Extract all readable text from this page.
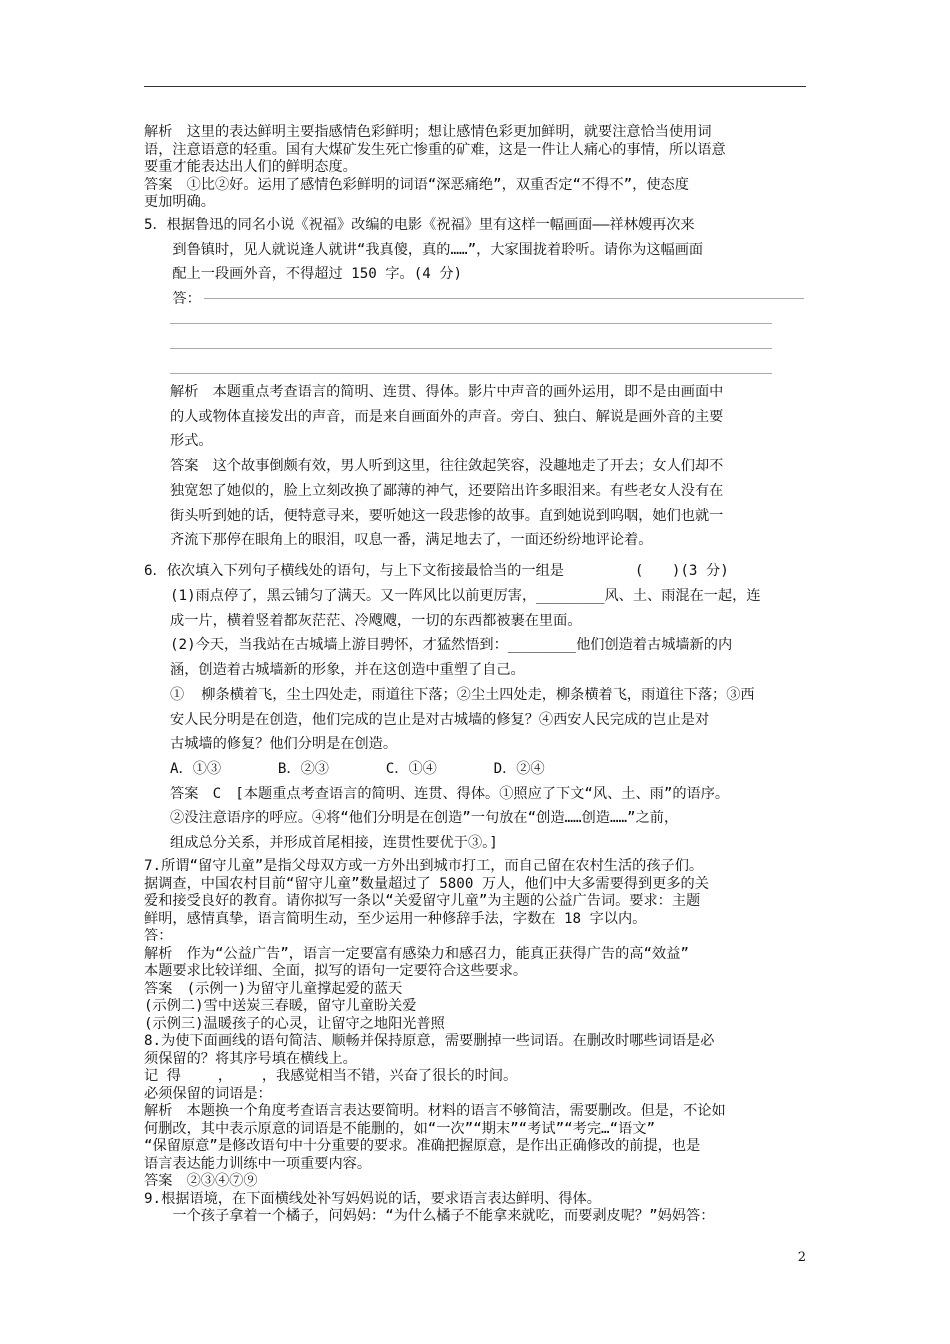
解析　这里的表达鲜明主要指感情色彩鲜明；想让感情色彩更加鲜明，就要注意恰当使用词
语，注意语意的轻重。国有大煤矿发生死亡惨重的矿难，这是一件让人痛心的事情，所以语意
要重才能表达出人们的鲜明态度。
答案　①比②好。运用了感情色彩鲜明的词语“深恶痛绝”，双重否定“不得不”，使态度
更加明确。
5．根据鲁迅的同名小说《祝福》改编的电影《祝福》里有这样一幅画面——祥林嫂再次来
　　到鲁镇时，见人就说逢人就讲“我真傻，真的……”，大家围拢着聆听。请你为这幅画面
　　配上一段画外音，不得超过 150 字。(4 分)
　　答：
解析　本题重点考查语言的简明、连贯、得体。影片中声音的画外运用，即不是由画面中
的人或物体直接发出的声音，而是来自画面外的声音。旁白、独白、解说是画外音的主要
形式。
答案　这个故事倒颇有效，男人听到这里，往往敛起笑容，没趣地走了开去；女人们却不
独宽恕了她似的，脸上立刻改换了鄙薄的神气，还要陪出许多眼泪来。有些老女人没有在
街头听到她的话，便特意寻来，要听她这一段悲惨的故事。直到她说到呜咽，她们也就一
齐流下那停在眼角上的眼泪，叹息一番，满足地去了，一面还纷纷地评论着。
6．依次填入下列句子横线处的语句，与上下文衔接最恰当的一组是　　　　　(　　)(3 分)
(1)雨点停了，黑云铺匀了满天。又一阵风比以前更厉害，________风、土、雨混在一起，连
成一片，横着竖着都灰茫茫、冷飕飕，一切的东西都被裹在里面。
(2)今天，当我站在古城墙上游目骋怀，才猛然悟到：________他们创造着古城墙新的内
涵，创造着古城墙新的形象，并在这创造中重塑了自己。
①  柳条横着飞，尘土四处走，雨道往下落；②尘土四处走，柳条横着飞，雨道往下落；③西
安人民分明是在创造，他们完成的岂止是对古城墙的修复？④西安人民完成的岂止是对
古城墙的修复？他们分明是在创造。
A．①③　　　　B．②③　　　　C．①④　　　　D．②④
答案　C　[本题重点考查语言的简明、连贯、得体。①照应了下文“风、土、雨”的语序。
②没注意语序的呼应。④将“他们分明是在创造”一句放在“创造……创造……”之前，
组成总分关系，并形成首尾相接，连贯性要优于③。]
7.所谓“留守儿童”是指父母双方或一方外出到城市打工，而自己留在农村生活的孩子们。
据调查，中国农村目前“留守儿童”数量超过了 5800 万人，他们中大多需要得到更多的关
爱和接受良好的教育。请你拟写一条以“关爱留守儿童”为主题的公益广告词。要求：主题
鲜明，感情真挚，语言简明生动，至少运用一种修辞手法，字数在 18 字以内。
答：
解析　作为“公益广告”，语言一定要富有感染力和感召力，能真正获得广告的高“效益”
本题要求比较详细、全面，拟写的语句一定要符合这些要求。
答案　(示例一)为留守儿童撑起爱的蓝天
(示例二)雪中送炭三春暖，留守儿童盼关爱
(示例三)温暖孩子的心灵，让留守之地阳光普照
8.为使下面画线的语句简洁、顺畅并保持原意，需要删掉一些词语。在删改时哪些词语是必
须保留的？将其序号填在横线上。
记 得　　 ，　　 ，我感觉相当不错，兴奋了很长的时间。
必须保留的词语是：
解析　本题换一个角度考查语言表达要简明。材料的语言不够简洁，需要删改。但是，不论如
何删改，其中表示原意的词语是不能删的，如“一次”“期末”“考试”“考完…“语文”
“保留原意”是修改语句中十分重要的要求。准确把握原意，是作出正确修改的前提，也是
语言表达能力训练中一项重要内容。
答案　②③④⑦⑨
9.根据语境，在下面横线处补写妈妈说的话，要求语言表达鲜明、得体。
　　一个孩子拿着一个橘子，问妈妈：“为什么橘子不能拿来就吃，而要剥皮呢？”妈妈答：
2
